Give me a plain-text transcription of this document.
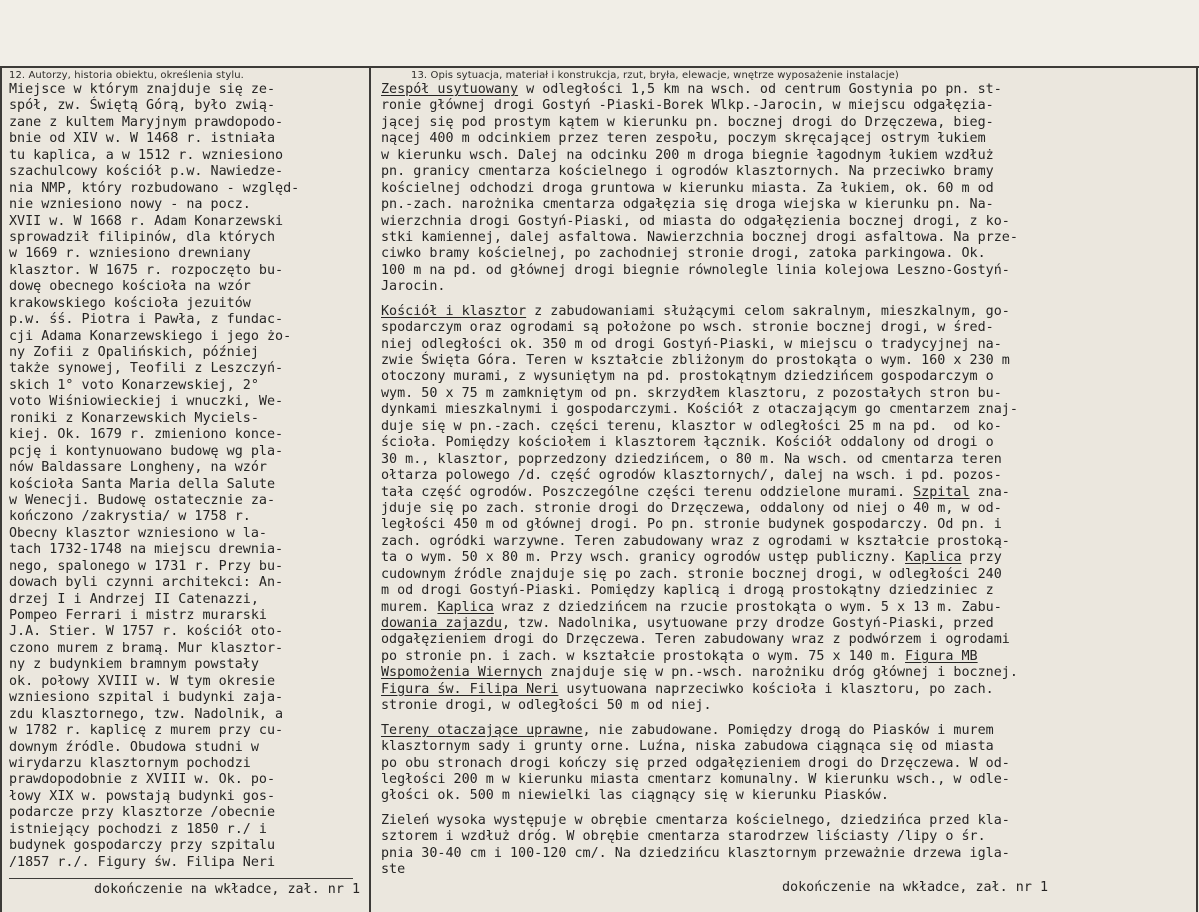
12. Autorzy, historia obiektu, określenia stylu.	13. Opis sytuacja, materiał i konstrukcja, rzut, bryła, elewacje, wnętrze wyposażenie instalacje)
Miejsce w którym znajduje się ze-
spół, zw. Świętą Górą, było zwią-
zane z kultem Maryjnym prawdopodo-
bnie od XIV w. W 1468 r. istniała
tu kaplica, a w 1512 r. wzniesiono
szachulcowy kościół p.w. Nawiedze-
nia NMP, który rozbudowano - względ-
nie wzniesiono nowy - na pocz.
XVII w. W 1668 r. Adam Konarzewski
sprowadził filipinów, dla których
w 1669 r. wzniesiono drewniany
klasztor. W 1675 r. rozpoczęto bu-
dowę obecnego kościoła na wzór
krakowskiego kościoła jezuitów
p.w. śś. Piotra i Pawła, z fundac-
cji Adama Konarzewskiego i jego żo-
ny Zofii z Opalińskich, później
także synowej, Teofili z Leszczyń-
skich 1° voto Konarzewskiej, 2°
voto Wiśniowieckiej i wnuczki, We-
roniki z Konarzewskich Myciels-
kiej. Ok. 1679 r. zmieniono konce-
pcję i kontynuowano budowę wg pla-
nów Baldassare Longheny, na wzór
kościoła Santa Maria della Salute
w Wenecji. Budowę ostatecznie za-
kończono /zakrystia/ w 1758 r.
Obecny klasztor wzniesiono w la-
tach 1732-1748 na miejscu drewnia-
nego, spalonego w 1731 r. Przy bu-
dowach byli czynni architekci: An-
drzej I i Andrzej II Catenazzi,
Pompeo Ferrari i mistrz murarski
J.A. Stier. W 1757 r. kościół oto-
czono murem z bramą. Mur klasztor-
ny z budynkiem bramnym powstały
ok. połowy XVIII w. W tym okresie
wzniesiono szpital i budynki zaja-
zdu klasztornego, tzw. Nadolnik, a
w 1782 r. kaplicę z murem przy cu-
downym źródle. Obudowa studni w
wirydarzu klasztornym pochodzi
prawdopodobnie z XVIII w. Ok. po-
łowy XIX w. powstają budynki gos-
podarcze przy klasztorze /obecnie
istniejący pochodzi z 1850 r./ i
budynek gospodarczy przy szpitalu
/1857 r./. Figury św. Filipa Neri
dokończenie na wkładce, zał. nr 1
Zespół usytuowany w odległości 1,5 km na wsch. od centrum Gostynia po pn. st-
ronie głównej drogi Gostyń -Piaski-Borek Wlkp.-Jarocin, w miejscu odgałęzia-
jącej się pod prostym kątem w kierunku pn. bocznej drogi do Drzęczewa, bieg-
nącej 400 m odcinkiem przez teren zespołu, poczym skręcającej ostrym łukiem
w kierunku wsch. Dalej na odcinku 200 m droga biegnie łagodnym łukiem wzdłuż
pn. granicy cmentarza kościelnego i ogrodów klasztornych. Na przeciwko bramy
kościelnej odchodzi droga gruntowa w kierunku miasta. Za łukiem, ok. 60 m od
pn.-zach. narożnika cmentarza odgałęzia się droga wiejska w kierunku pn. Na-
wierzchnia drogi Gostyń-Piaski, od miasta do odgałęzienia bocznej drogi, z ko-
stki kamiennej, dalej asfaltowa. Nawierzchnia bocznej drogi asfaltowa. Na prze-
ciwko bramy kościelnej, po zachodniej stronie drogi, zatoka parkingowa. Ok.
100 m na pd. od głównej drogi biegnie równolegle linia kolejowa Leszno-Gostyń-
Jarocin.
Kościół i klasztor z zabudowaniami służącymi celom sakralnym, mieszkalnym, go-
spodarczym oraz ogrodami są położone po wsch. stronie bocznej drogi, w śred-
niej odległości ok. 350 m od drogi Gostyń-Piaski, w miejscu o tradycyjnej na-
zwie Święta Góra. Teren w kształcie zbliżonym do prostokąta o wym. 160 x 230 m
otoczony murami, z wysuniętym na pd. prostokątnym dziedzińcem gospodarczym o
wym. 50 x 75 m zamkniętym od pn. skrzydłem klasztoru, z pozostałych stron bu-
dynkami mieszkalnymi i gospodarczymi. Kościół z otaczającym go cmentarzem znaj-
duje się w pn.-zach. części terenu, klasztor w odległości 25 m na pd.  od ko-
ścioła. Pomiędzy kościołem i klasztorem łącznik. Kościół oddalony od drogi o
30 m., klasztor, poprzedzony dziedzińcem, o 80 m. Na wsch. od cmentarza teren
ołtarza polowego /d. część ogrodów klasztornych/, dalej na wsch. i pd. pozos-
tała część ogrodów. Poszczególne części terenu oddzielone murami. Szpital zna-
jduje się po zach. stronie drogi do Drzęczewa, oddalony od niej o 40 m, w od-
ległości 450 m od głównej drogi. Po pn. stronie budynek gospodarczy. Od pn. i
zach. ogródki warzywne. Teren zabudowany wraz z ogrodami w kształcie prostoką-
ta o wym. 50 x 80 m. Przy wsch. granicy ogrodów ustęp publiczny. Kaplica przy
cudownym źródle znajduje się po zach. stronie bocznej drogi, w odległości 240
m od drogi Gostyń-Piaski. Pomiędzy kaplicą i drogą prostokątny dziedziniec z
murem. Kaplica wraz z dziedzińcem na rzucie prostokąta o wym. 5 x 13 m. Zabu-
dowania zajazdu, tzw. Nadolnika, usytuowane przy drodze Gostyń-Piaski, przed
odgałęzieniem drogi do Drzęczewa. Teren zabudowany wraz z podwórzem i ogrodami
po stronie pn. i zach. w kształcie prostokąta o wym. 75 x 140 m. Figura MB
Wspomożenia Wiernych znajduje się w pn.-wsch. narożniku dróg głównej i bocznej.
Figura św. Filipa Neri usytuowana naprzeciwko kościoła i klasztoru, po zach.
stronie drogi, w odległości 50 m od niej.
Tereny otaczające uprawne, nie zabudowane. Pomiędzy drogą do Piasków i murem
klasztornym sady i grunty orne. Luźna, niska zabudowa ciągnąca się od miasta
po obu stronach drogi kończy się przed odgałęzieniem drogi do Drzęczewa. W od-
ległości 200 m w kierunku miasta cmentarz komunalny. W kierunku wsch., w odle-
głości ok. 500 m niewielki las ciągnący się w kierunku Piasków.
Zieleń wysoka występuje w obrębie cmentarza kościelnego, dziedzińca przed kla-
sztorem i wzdłuż dróg. W obrębie cmentarza starodrzew liściasty /lipy o śr.
pnia 30-40 cm i 100-120 cm/. Na dziedzińcu klasztornym przeważnie drzewa igla-
ste
dokończenie na wkładce, zał. nr 1
